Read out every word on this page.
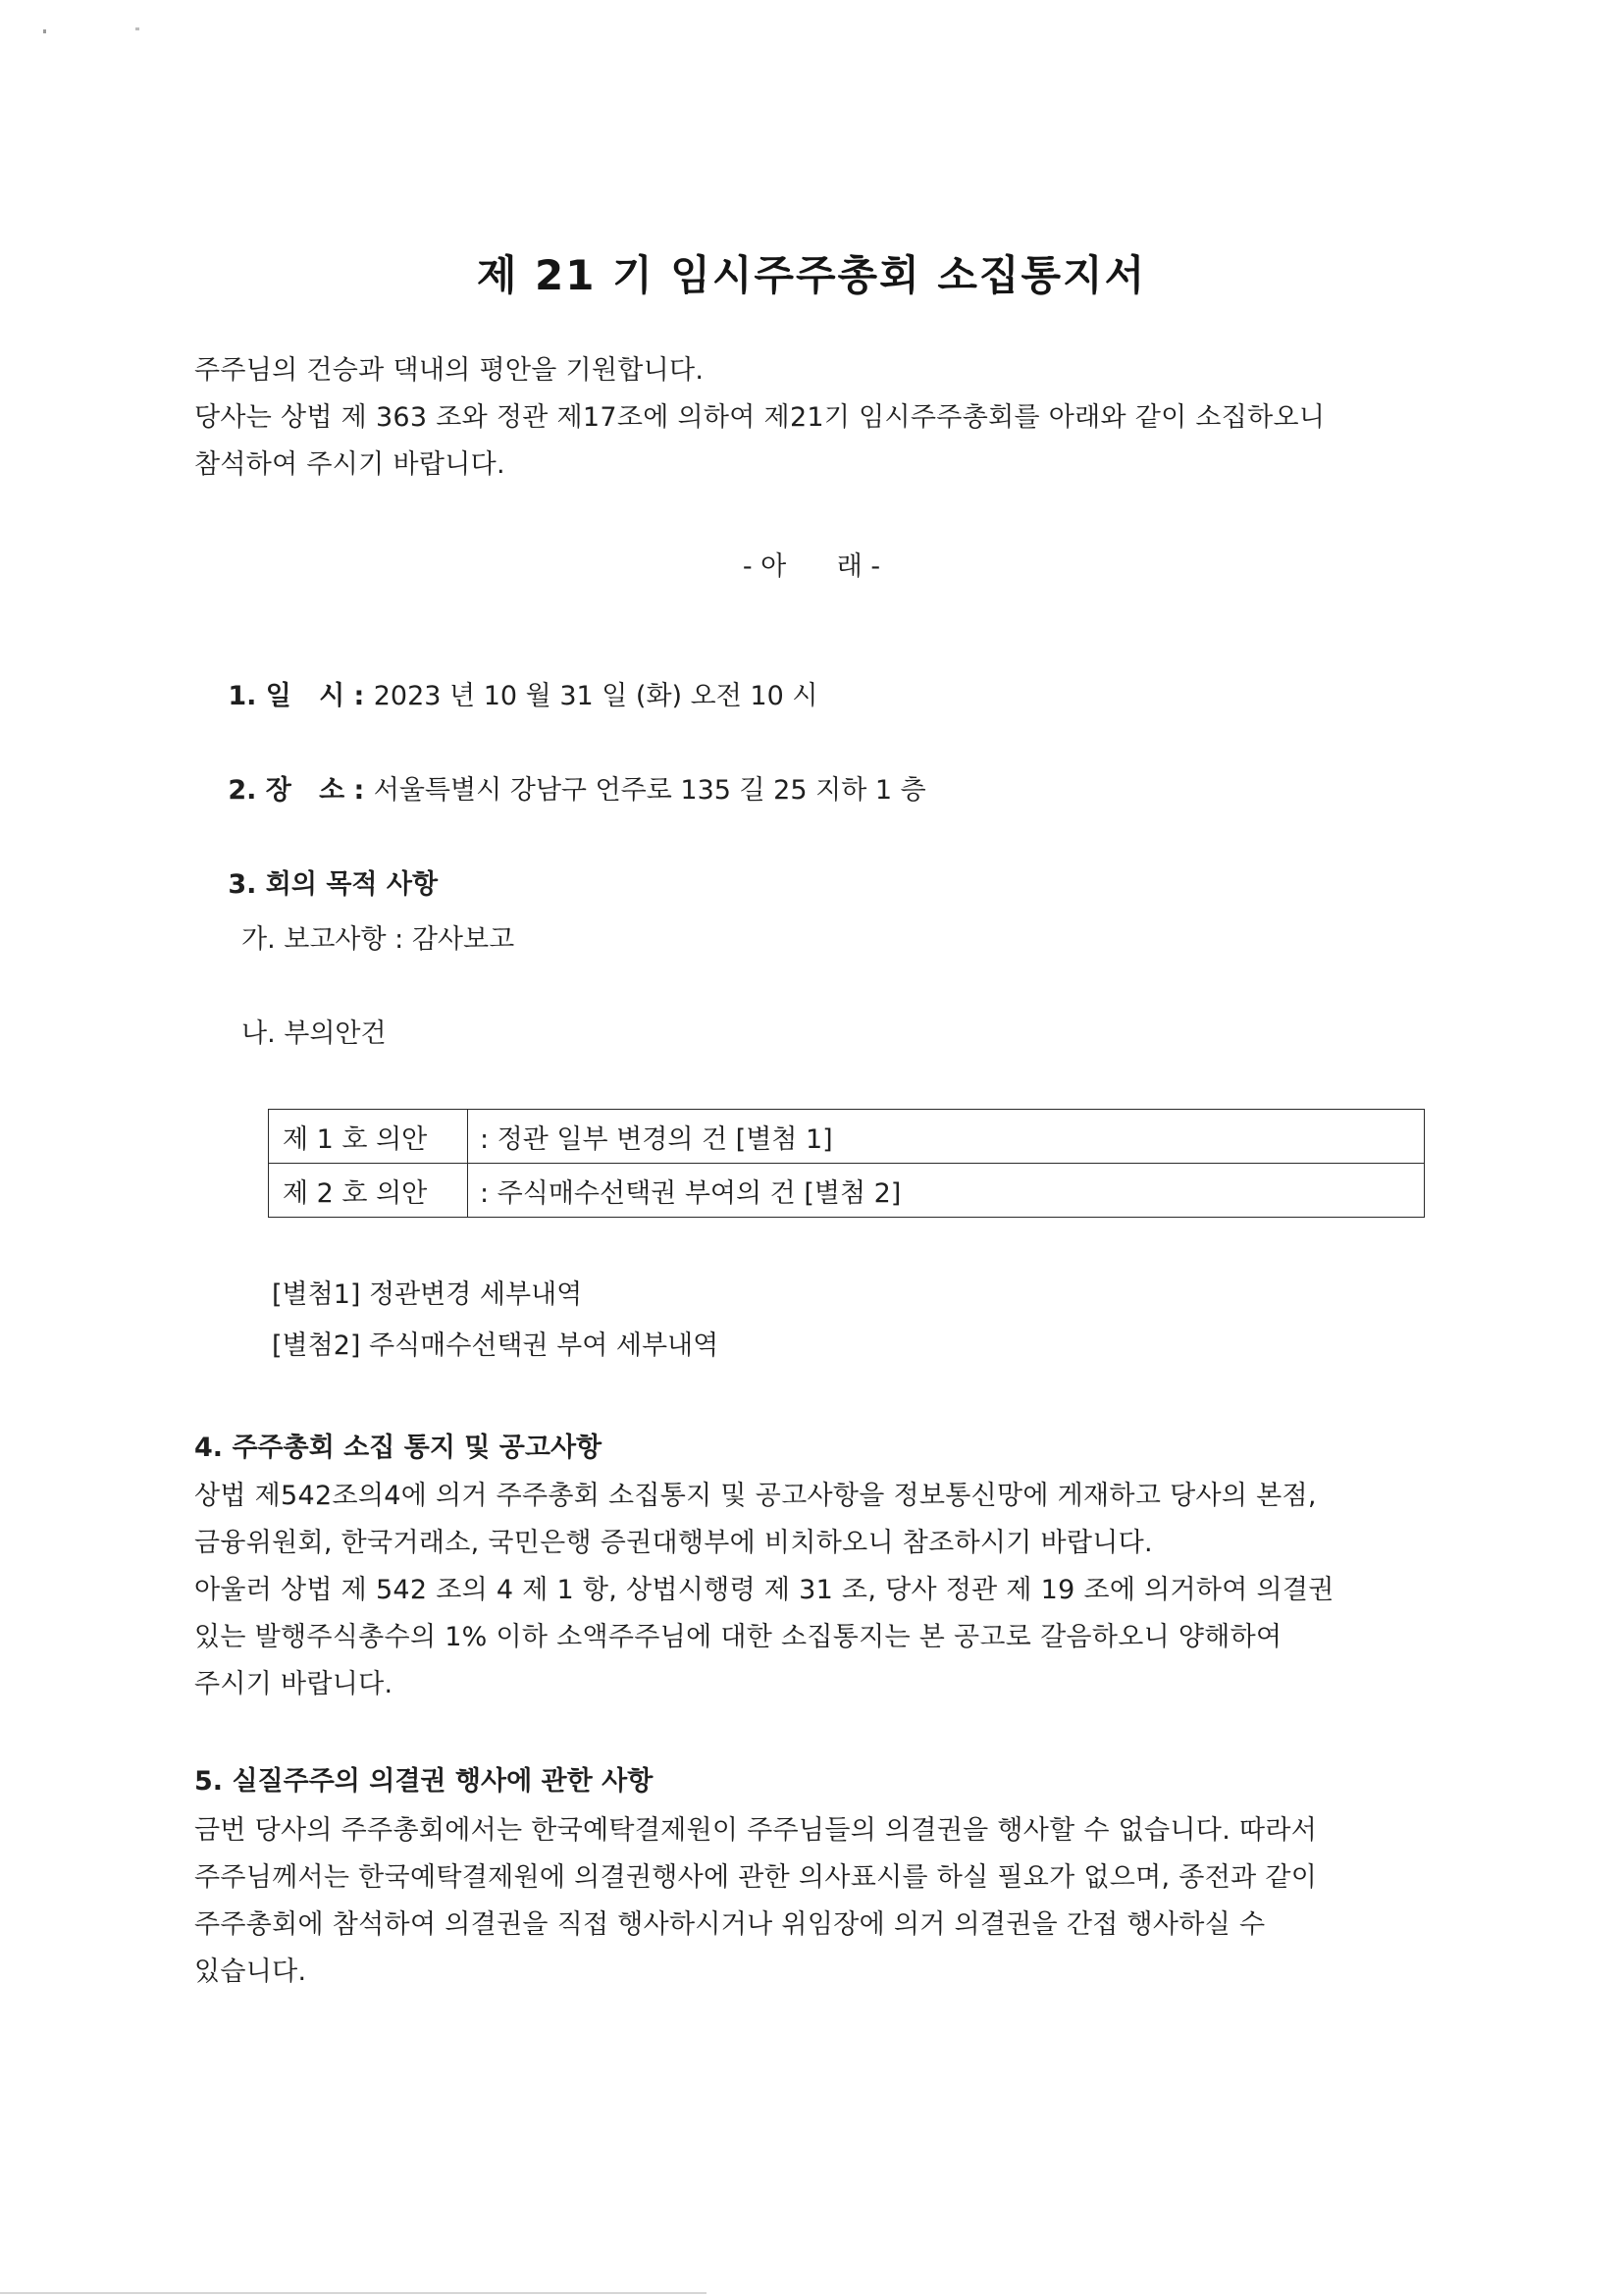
제 21 기 임시주주총회 소집통지서
주주님의 건승과 댁내의 평안을 기원합니다.
당사는 상법 제 363 조와 정관 제17조에 의하여 제21기 임시주주총회를 아래와 같이 소집하오니
참석하여 주시기 바랍니다.
- 아      래 -

1. 일   시 : 2023 년 10 월 31 일 (화) 오전 10 시

2. 장   소 : 서울특별시 강남구 언주로 135 길 25 지하 1 층

3. 회의 목적 사항

가. 보고사항 : 감사보고
나. 부의안건
제 1 호 의안	: 정관 일부 변경의 건 [별첨 1]
제 2 호 의안	: 주식매수선택권 부여의 건 [별첨 2]
[별첨1] 정관변경 세부내역
[별첨2] 주식매수선택권 부여 세부내역
4. 주주총회 소집 통지 및 공고사항
상법 제542조의4에 의거 주주총회 소집통지 및 공고사항을 정보통신망에 게재하고 당사의 본점,
금융위원회, 한국거래소, 국민은행 증권대행부에 비치하오니 참조하시기 바랍니다.
아울러 상법 제 542 조의 4 제 1 항, 상법시행령 제 31 조, 당사 정관 제 19 조에 의거하여 의결권
있는 발행주식총수의 1% 이하 소액주주님에 대한 소집통지는 본 공고로 갈음하오니 양해하여
주시기 바랍니다.
5. 실질주주의 의결권 행사에 관한 사항
금번 당사의 주주총회에서는 한국예탁결제원이 주주님들의 의결권을 행사할 수 없습니다. 따라서
주주님께서는 한국예탁결제원에 의결권행사에 관한 의사표시를 하실 필요가 없으며, 종전과 같이
주주총회에 참석하여 의결권을 직접 행사하시거나 위임장에 의거 의결권을 간접 행사하실 수
있습니다.
